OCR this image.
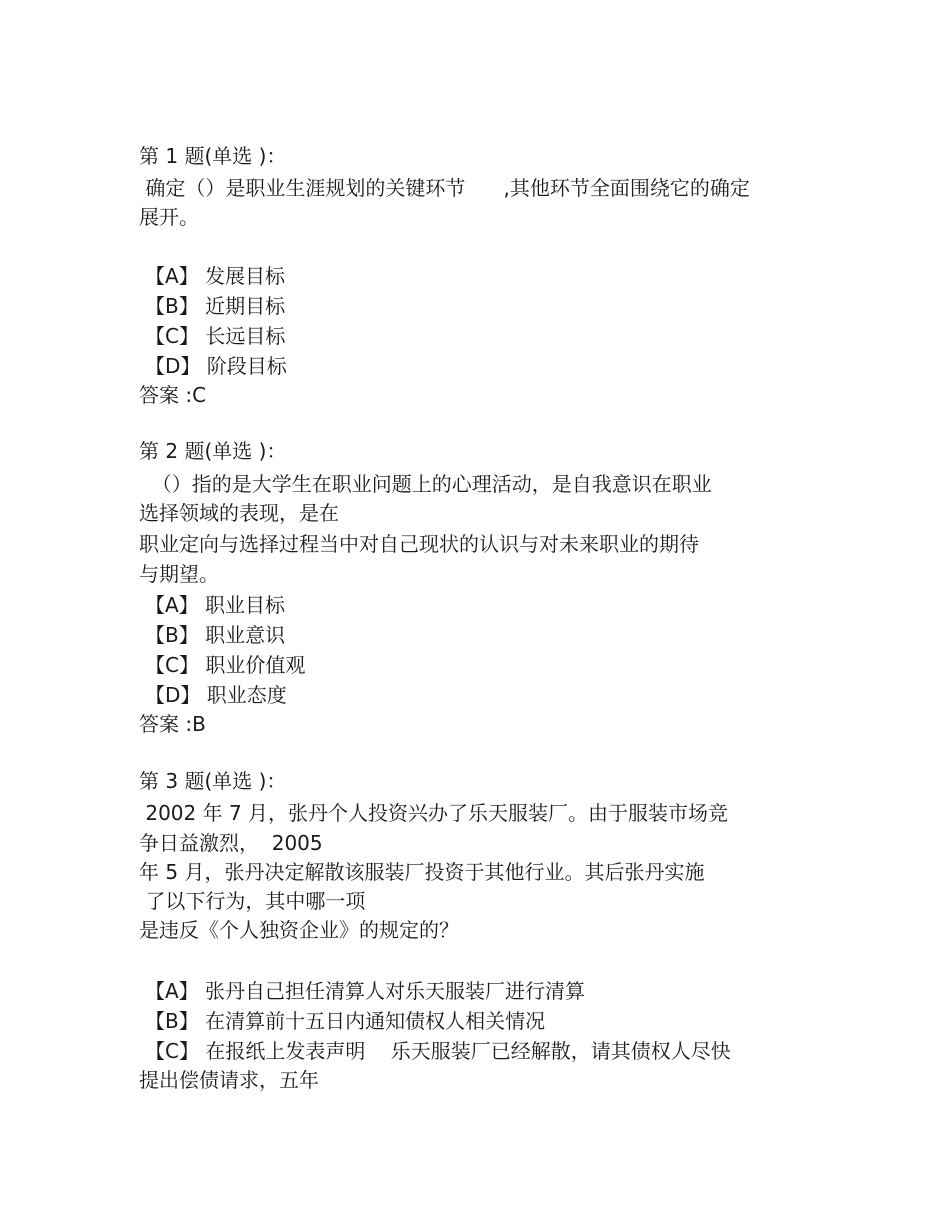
第 1 题(单选 )：
确定（）是职业生涯规划的关键环节      ,其他环节全面围绕它的确定
展开。
【A】 发展目标
【B】 近期目标
【C】 长远目标
【D】 阶段目标
答案 :C
第 2 题(单选 )：
（）指的是大学生在职业问题上的心理活动，是自我意识在职业
选择领域的表现，是在
职业定向与选择过程当中对自己现状的认识与对未来职业的期待
与期望。
【A】 职业目标
【B】 职业意识
【C】 职业价值观
【D】 职业态度
答案 :B
第 3 题(单选 )：
2002 年 7 月，张丹个人投资兴办了乐天服装厂。由于服装市场竞
争日益激烈，  2005
年 5 月，张丹决定解散该服装厂投资于其他行业。其后张丹实施
了以下行为，其中哪一项
是违反《个人独资企业》的规定的？
【A】 张丹自己担任清算人对乐天服装厂进行清算
【B】 在清算前十五日内通知债权人相关情况
【C】 在报纸上发表声明    乐天服装厂已经解散，请其债权人尽快
提出偿债请求，五年
